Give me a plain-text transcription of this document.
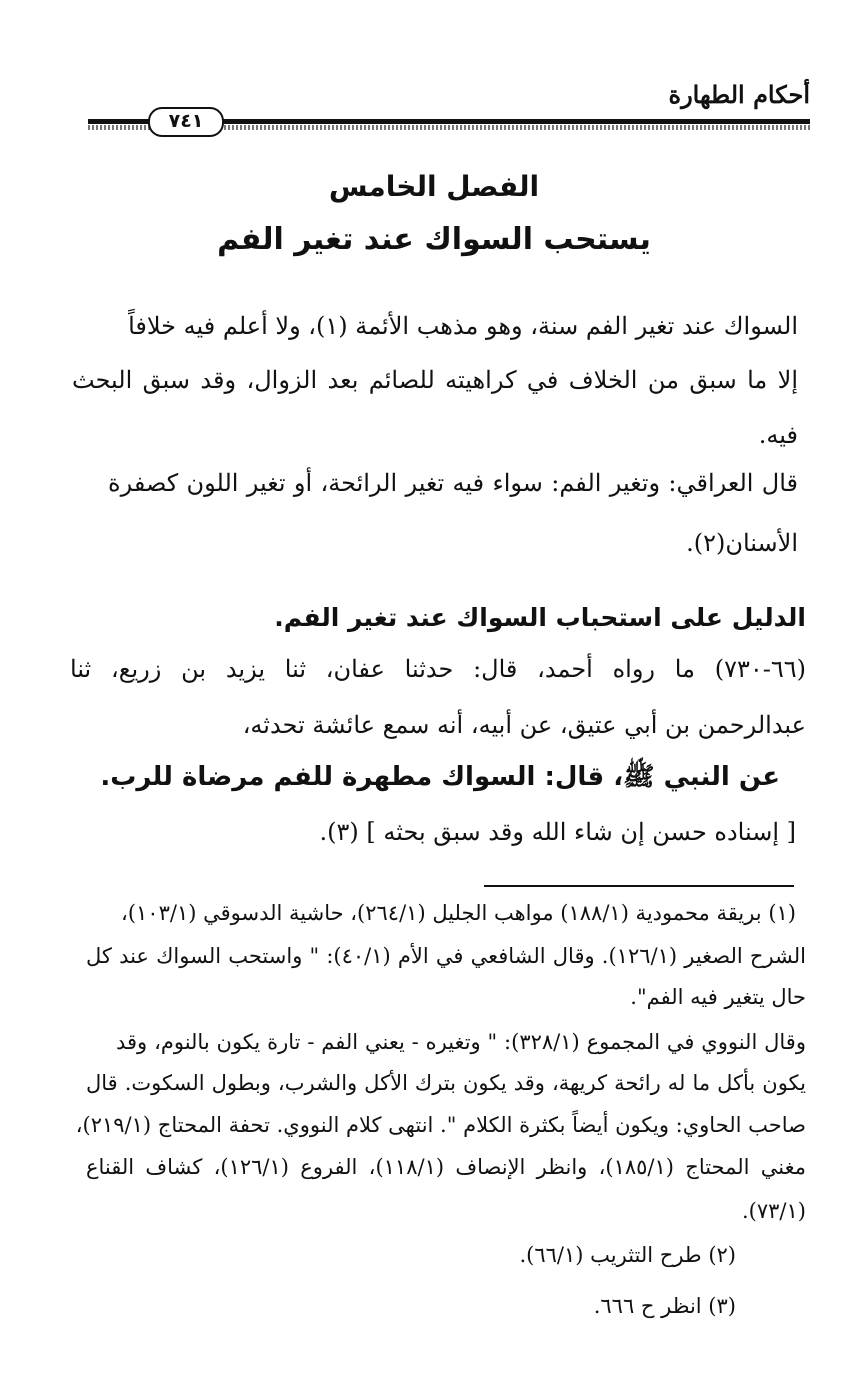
أحكام الطهارة
٧٤١
الفصل الخامس
يستحب السواك عند تغير الفم
السواك عند تغير الفم سنة، وهو مذهب الأئمة (١)، ولا أعلم فيه خلافاً
إلا ما سبق من الخلاف في كراهيته للصائم بعد الزوال، وقد سبق البحث
فيه.
قال العراقي: وتغير الفم: سواء فيه تغير الرائحة، أو تغير اللون كصفرة
الأسنان(٢).
الدليل على استحباب السواك عند تغير الفم.
(٦٦-٧٣٠) ما رواه أحمد، قال: حدثنا عفان، ثنا يزيد بن زريع، ثنا
عبدالرحمن بن أبي عتيق، عن أبيه، أنه سمع عائشة تحدثه،
عن النبي ﷺ، قال: السواك مطهرة للفم مرضاة للرب.
[ إسناده حسن إن شاء الله وقد سبق بحثه ] (٣).
(١) بريقة محمودية (١٨٨/١) مواهب الجليل (٢٦٤/١)، حاشية الدسوقي (١٠٣/١)،
الشرح الصغير (١٢٦/١). وقال الشافعي في الأم (٤٠/١): " واستحب السواك عند كل
حال يتغير فيه الفم".
وقال النووي في المجموع (٣٢٨/١): " وتغيره - يعني الفم - تارة يكون بالنوم، وقد
يكون بأكل ما له رائحة كريهة، وقد يكون بترك الأكل والشرب، وبطول السكوت. قال
صاحب الحاوي: ويكون أيضاً بكثرة الكلام ". انتهى كلام النووي. تحفة المحتاج (٢١٩/١)،
مغني المحتاج (١٨٥/١)، وانظر الإنصاف (١١٨/١)، الفروع (١٢٦/١)، كشاف القناع
(٧٣/١).
(٢) طرح التثريب (٦٦/١).
(٣) انظر ح ٦٦٦.
